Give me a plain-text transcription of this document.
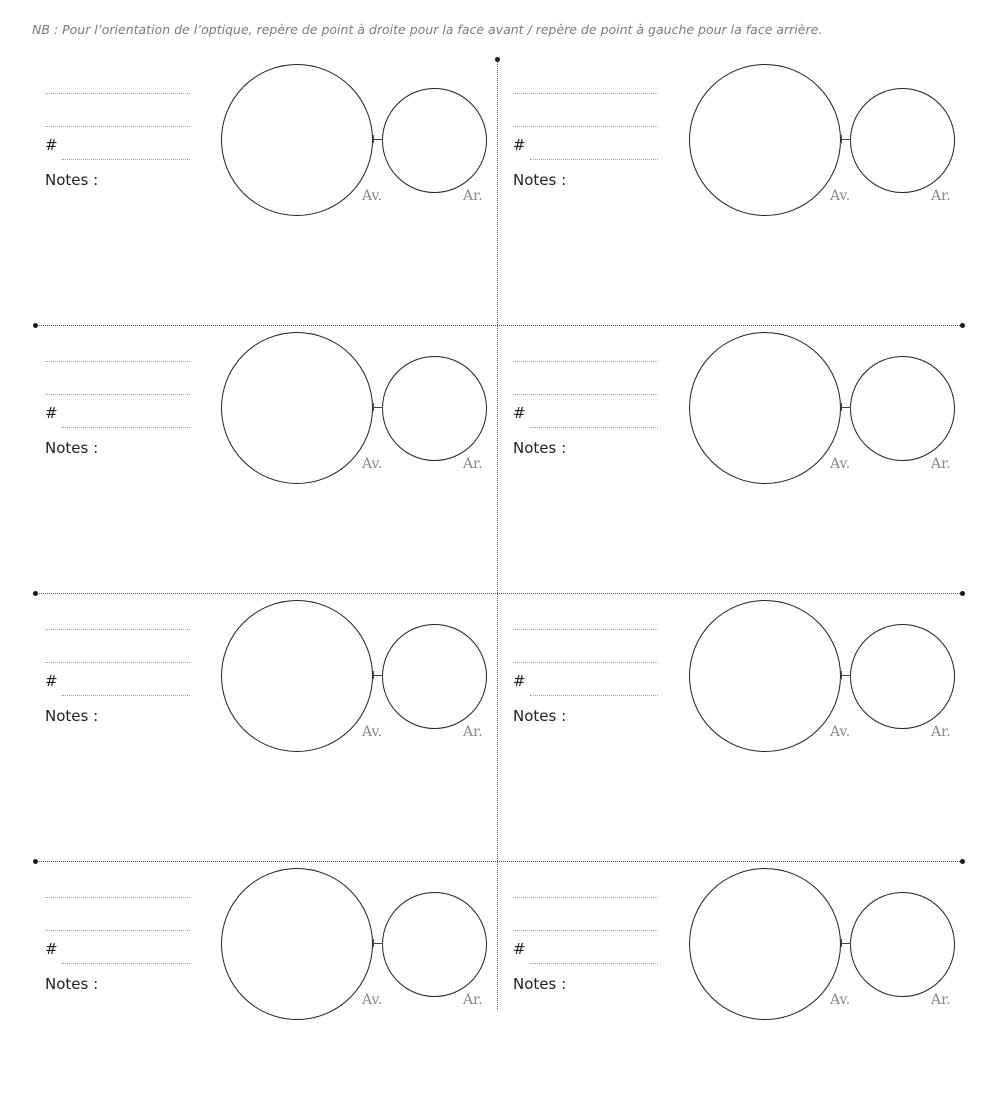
NB : Pour l’orientation de l’optique, repère de point à droite pour la face avant / repère de point à gauche pour la face arrière.
#
Notes :
Av.	Ar.
#
Notes :
Av.	Ar.
#
Notes :
Av.	Ar.
#
Notes :
Av.	Ar.
#
Notes :
Av.	Ar.
#
Notes :
Av.	Ar.
#
Notes :
Av.	Ar.
#
Notes :
Av.	Ar.
